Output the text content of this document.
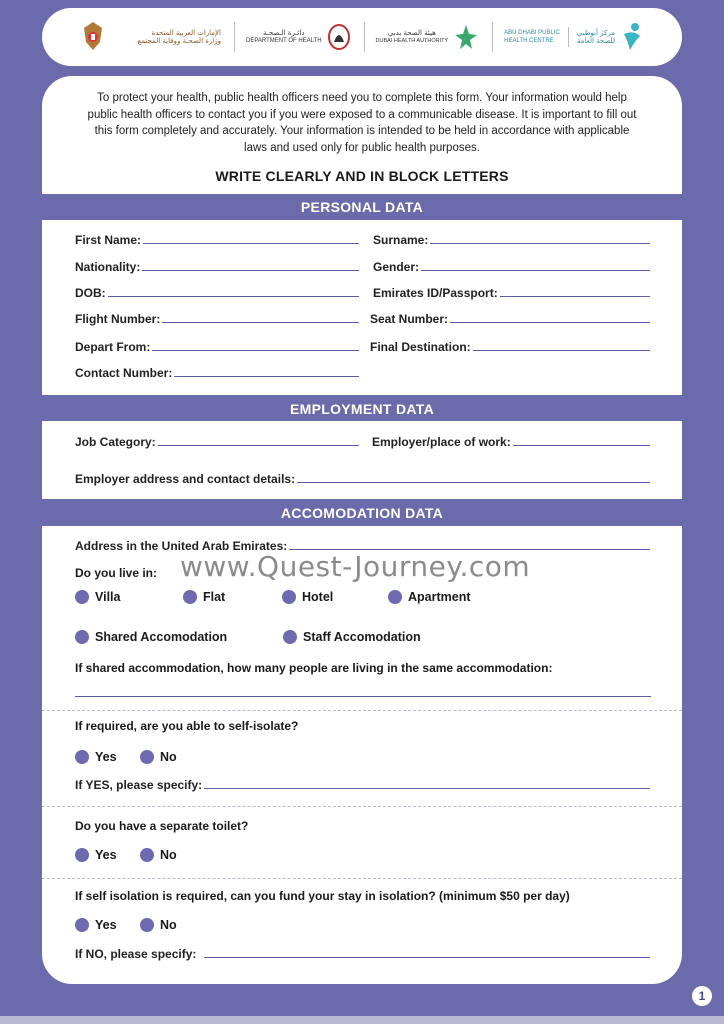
الإمارات العربية المتحدة
وزارة الصحـة ووقاية المجتمع
دائـرة الـصحـة
DEPARTMENT OF HEALTH
هيئة الصحة بدبي
DUBAI HEALTH AUTHORITY
ABU DHABI PUBLIC
HEALTH CENTRE
مركز أبوظبي
للصحة العامة

To protect your health, public health officers need you to complete this form. Your information would help public health officers to contact you if you were exposed to a communicable disease. It is important to fill out this form completely and accurately. Your information is intended to be held in accordance with applicable laws and used only for public health purposes.

WRITE CLEARLY AND IN BLOCK LETTERS
PERSONAL DATA
First Name:	Surname:
Nationality:	Gender:
DOB:	Emirates ID/Passport:
Flight Number:	Seat Number:
Depart From:	Final Destination:
Contact Number:
EMPLOYMENT DATA
Job Category:	Employer/place of work:
Employer address and contact details:
ACCOMODATION DATA
Address in the United Arab Emirates:
Do you live in:
Villa	Flat	Hotel	Apartment
Shared Accomodation	Staff Accomodation
If shared accommodation, how many people are living in the same accommodation:
If required, are you able to self-isolate?
Yes	No
If YES, please specify:
Do you have a separate toilet?
Yes	No
If self isolation is required, can you fund your stay in isolation? (minimum $50 per day)
Yes	No
If NO, please specify:
www.Quest-Journey.com
1
